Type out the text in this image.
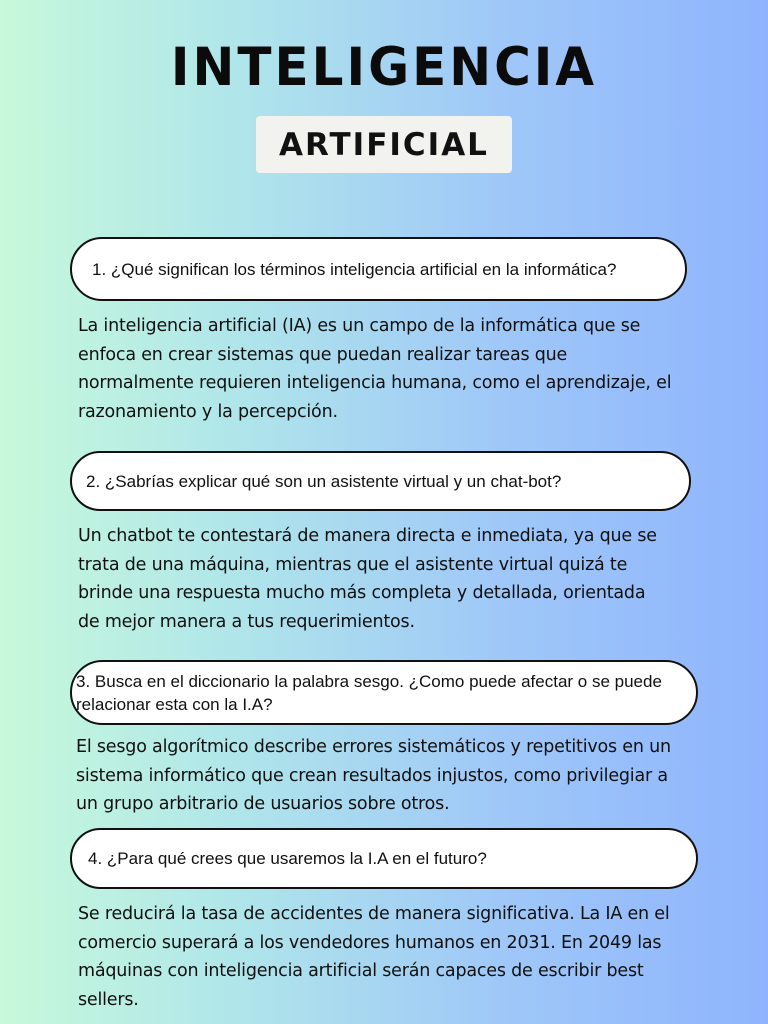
INTELIGENCIA
ARTIFICIAL
1. ¿Qué significan los términos inteligencia artificial en la informática?
La inteligencia artificial (IA) es un campo de la informática que se enfoca en crear sistemas que puedan realizar tareas que normalmente requieren inteligencia humana, como el aprendizaje, el razonamiento y la percepción.
2. ¿Sabrías explicar qué son un asistente virtual y un chat-bot?
Un chatbot te contestará de manera directa e inmediata, ya que se trata de una máquina, mientras que el asistente virtual quizá te brinde una respuesta mucho más completa y detallada, orientada de mejor manera a tus requerimientos.
3. Busca en el diccionario la palabra sesgo. ¿Como puede afectar o se puede relacionar esta con la I.A?
El sesgo algorítmico describe errores sistemáticos y repetitivos en un sistema informático que crean resultados injustos, como privilegiar a un grupo arbitrario de usuarios sobre otros.
4. ¿Para qué crees que usaremos la I.A en el futuro?
Se reducirá la tasa de accidentes de manera significativa. La IA en el comercio superará a los vendedores humanos en 2031. En 2049 las máquinas con inteligencia artificial serán capaces de escribir best sellers.
